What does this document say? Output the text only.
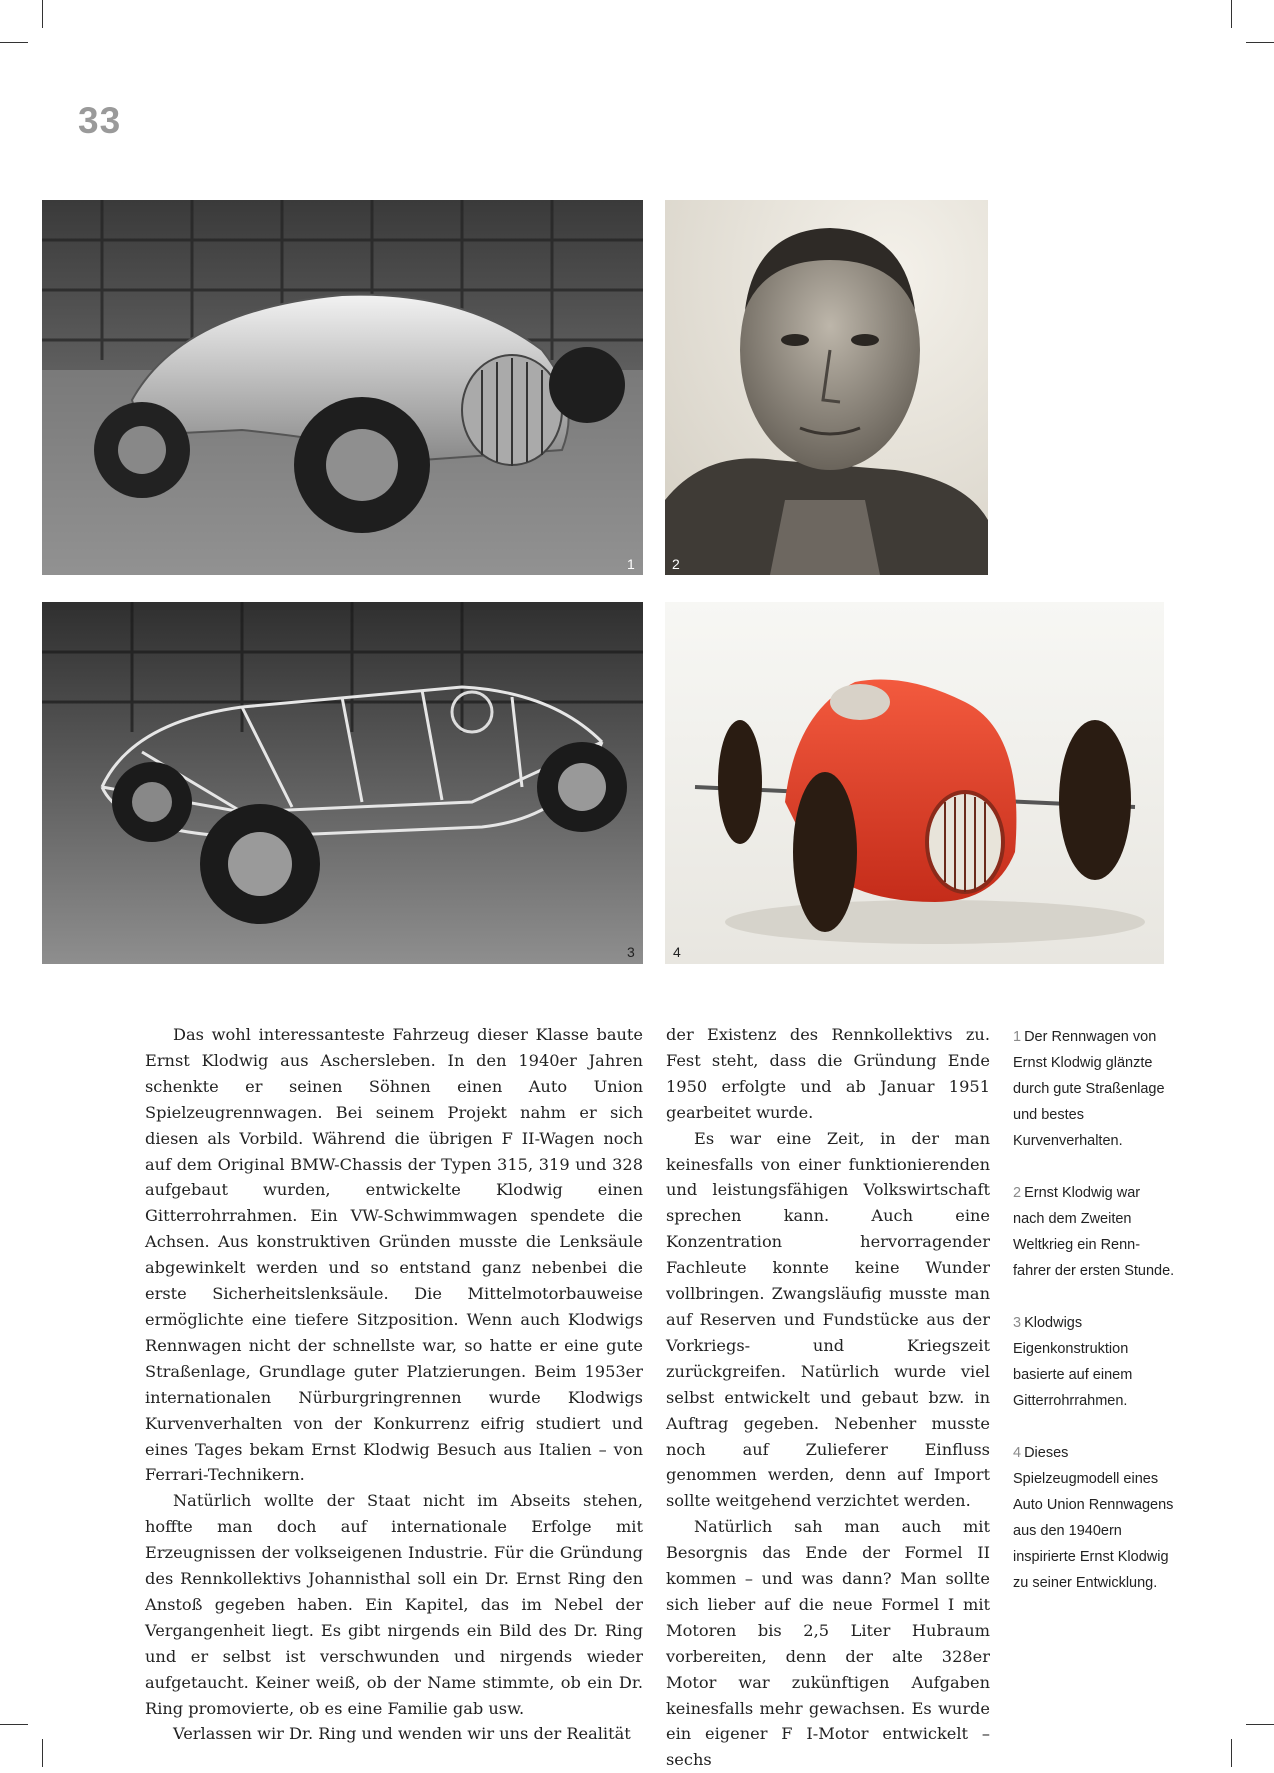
33
1	2
3	4

Das wohl interessanteste Fahrzeug dieser Klasse baute Ernst Klodwig aus Aschersleben. In den 1940er Jahren schenkte er seinen Söhnen einen Auto Union Spielzeugrennwagen. Bei seinem Projekt nahm er sich diesen als Vorbild. Während die übrigen F II-Wagen noch auf dem Original BMW-Chassis der Typen 315, 319 und 328 aufgebaut wurden, entwickelte Klodwig einen Gitterrohrrahmen. Ein VW-Schwimmwagen spendete die Achsen. Aus konstruktiven Gründen musste die Lenksäule abgewinkelt werden und so entstand ganz nebenbei die erste Sicherheitslenksäule. Die Mittelmotorbauweise ermöglichte eine tiefere Sitzposition. Wenn auch Klodwigs Rennwagen nicht der schnellste war, so hatte er eine gute Straßenlage, Grundlage guter Platzierungen. Beim 1953er internationalen Nürburgringrennen wurde Klodwigs Kurvenverhalten von der Konkurrenz eifrig studiert und eines Tages bekam Ernst Klodwig Besuch aus Italien – von Ferrari-Technikern.

Natürlich wollte der Staat nicht im Abseits stehen, hoffte man doch auf internationale Erfolge mit Erzeugnissen der volkseigenen Industrie. Für die Gründung des Rennkollektivs Johannisthal soll ein Dr. Ernst Ring den Anstoß gegeben haben. Ein Kapitel, das im Nebel der Vergangenheit liegt. Es gibt nirgends ein Bild des Dr. Ring und er selbst ist verschwunden und nirgends wieder aufgetaucht. Keiner weiß, ob der Name stimmte, ob ein Dr. Ring promovierte, ob es eine Familie gab usw.

Verlassen wir Dr. Ring und wenden wir uns der Realität

der Existenz des Rennkollektivs zu. Fest steht, dass die Gründung Ende 1950 erfolgte und ab Januar 1951 gearbeitet wurde.

Es war eine Zeit, in der man keinesfalls von einer funktionierenden und leistungsfähigen Volkswirtschaft sprechen kann. Auch eine Konzentration hervorragender Fachleute konnte keine Wunder vollbringen. Zwangsläufig musste man auf Reserven und Fundstücke aus der Vorkriegs- und Kriegszeit zurückgreifen. Natürlich wurde viel selbst entwickelt und gebaut bzw. in Auftrag gegeben. Nebenher musste noch auf Zulieferer Einfluss genommen werden, denn auf Import sollte weitgehend verzichtet werden.

Natürlich sah man auch mit Besorgnis das Ende der Formel II kommen – und was dann? Man sollte sich lieber auf die neue Formel I mit Motoren bis 2,5 Liter Hubraum vorbereiten, denn der alte 328er Motor war zukünftigen Aufgaben keinesfalls mehr gewachsen. Es wurde ein eigener F I-Motor entwickelt – sechs

1 Der Rennwagen von Ernst Klodwig glänzte durch gute Straßenlage und bestes Kurvenverhalten.

2 Ernst Klodwig war nach dem Zweiten Weltkrieg ein Renn-fahrer der ersten Stunde.

3 Klodwigs Eigenkonstruktion basierte auf einem Gitterrohrrahmen.

4 Dieses Spielzeugmodell eines Auto Union Rennwagens aus den 1940ern inspirierte Ernst Klodwig zu seiner Entwicklung.
